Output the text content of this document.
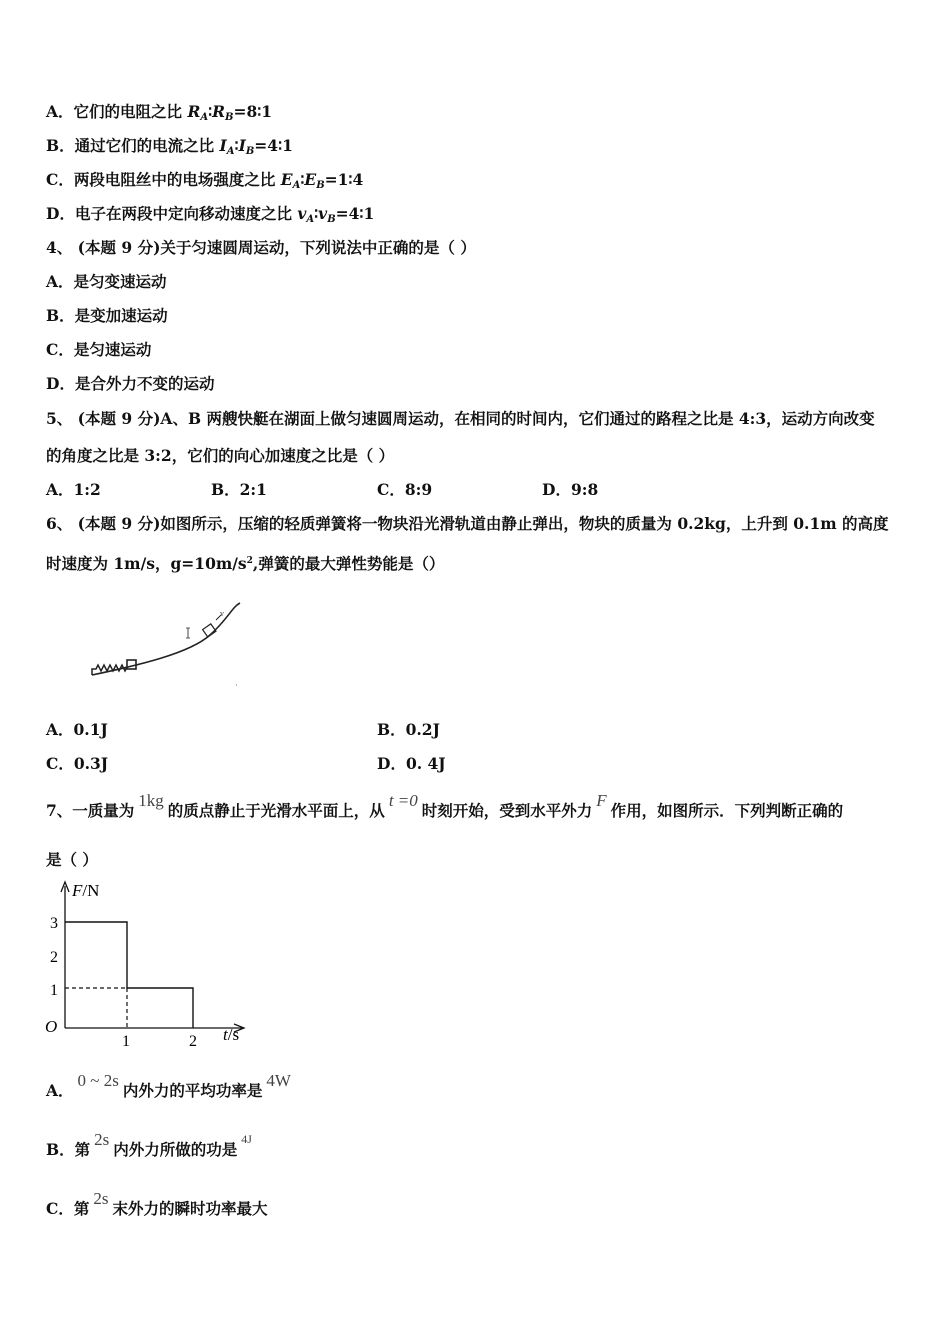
A．它们的电阻之比 RA∶RB=8∶1
B．通过它们的电流之比 IA∶IB=4∶1
C．两段电阻丝中的电场强度之比 EA∶EB=1∶4
D．电子在两段中定向移动速度之比 vA∶vB=4∶1
4、 (本题 9 分)关于匀速圆周运动，下列说法中正确的是（ ）
A．是匀变速运动
B．是变加速运动
C．是匀速运动
D．是合外力不变的运动
5、 (本题 9 分)A、B 两艘快艇在湖面上做匀速圆周运动，在相同的时间内，它们通过的路程之比是 4:3，运动方向改变
的角度之比是 3:2，它们的向心加速度之比是（ ）
A．1:2	B．2:1	C．8:9	D．9:8
6、 (本题 9 分)如图所示，压缩的轻质弹簧将一物块沿光滑轨道由静止弹出，物块的质量为 0.2kg，上升到 0.1m 的高度
时速度为 1m/s，$g=10m/s^2$,弹簧的最大弹性势能是（）
v
A．0.1J	B．0.2J
C．0.3J	D．0. 4J
7、一质量为1kg的质点静止于光滑水平面上，从t =0时刻开始，受到水平外力F作用，如图所示．下列判断正确的
是（ ）
F/N
t/s
O
3
2
1
1	2
A．0 ~ 2s内外力的平均功率是4W
B．第2s内外力所做的功是$^{4J}$
C．第2s末外力的瞬时功率最大
